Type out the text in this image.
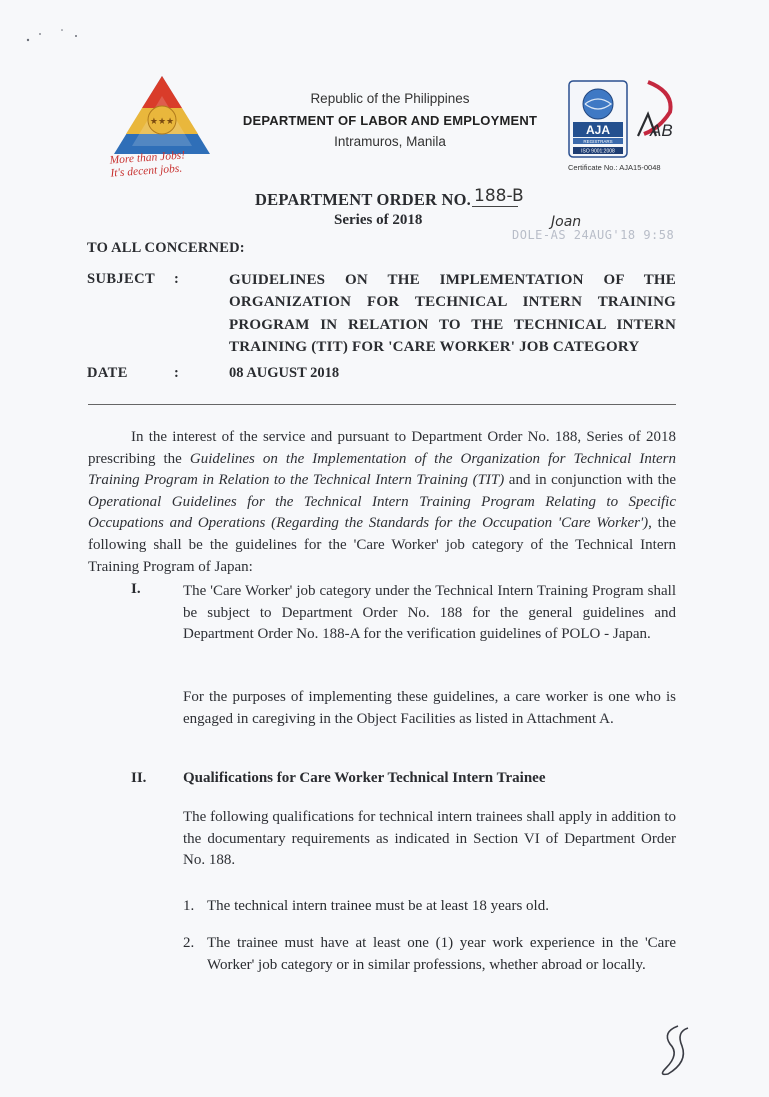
★★★
More than Jobs!
It's decent jobs.
Republic of the Philippines
DEPARTMENT OF LABOR AND EMPLOYMENT
Intramuros, Manila
AJA
REGISTRARS
ISO 9001:2008
AB
Certificate No.: AJA15-0048
DEPARTMENT ORDER NO. 188-B
Series of 2018	Joan
DOLE-AS 24AUG'18 9:58
TO ALL CONCERNED:
SUBJECT :	GUIDELINES ON THE IMPLEMENTATION OF THE ORGANIZATION FOR TECHNICAL INTERN TRAINING PROGRAM IN RELATION TO THE TECHNICAL INTERN TRAINING (TIT) FOR 'CARE WORKER' JOB CATEGORY
DATE	:	08 AUGUST 2018
In the interest of the service and pursuant to Department Order No. 188, Series of 2018 prescribing the Guidelines on the Implementation of the Organization for Technical Intern Training Program in Relation to the Technical Intern Training (TIT) and in conjunction with the Operational Guidelines for the Technical Intern Training Program Relating to Specific Occupations and Operations (Regarding the Standards for the Occupation 'Care Worker'), the following shall be the guidelines for the 'Care Worker' job category of the Technical Intern Training Program of Japan:
I.	The 'Care Worker' job category under the Technical Intern Training Program shall be subject to Department Order No. 188 for the general guidelines and Department Order No. 188-A for the verification guidelines of POLO - Japan.
For the purposes of implementing these guidelines, a care worker is one who is engaged in caregiving in the Object Facilities as listed in Attachment A.
II. Qualifications for Care Worker Technical Intern Trainee
The following qualifications for technical intern trainees shall apply in addition to the documentary requirements as indicated in Section VI of Department Order No. 188.
1. The technical intern trainee must be at least 18 years old.
2. The trainee must have at least one (1) year work experience in the 'Care Worker' job category or in similar professions, whether abroad or locally.
